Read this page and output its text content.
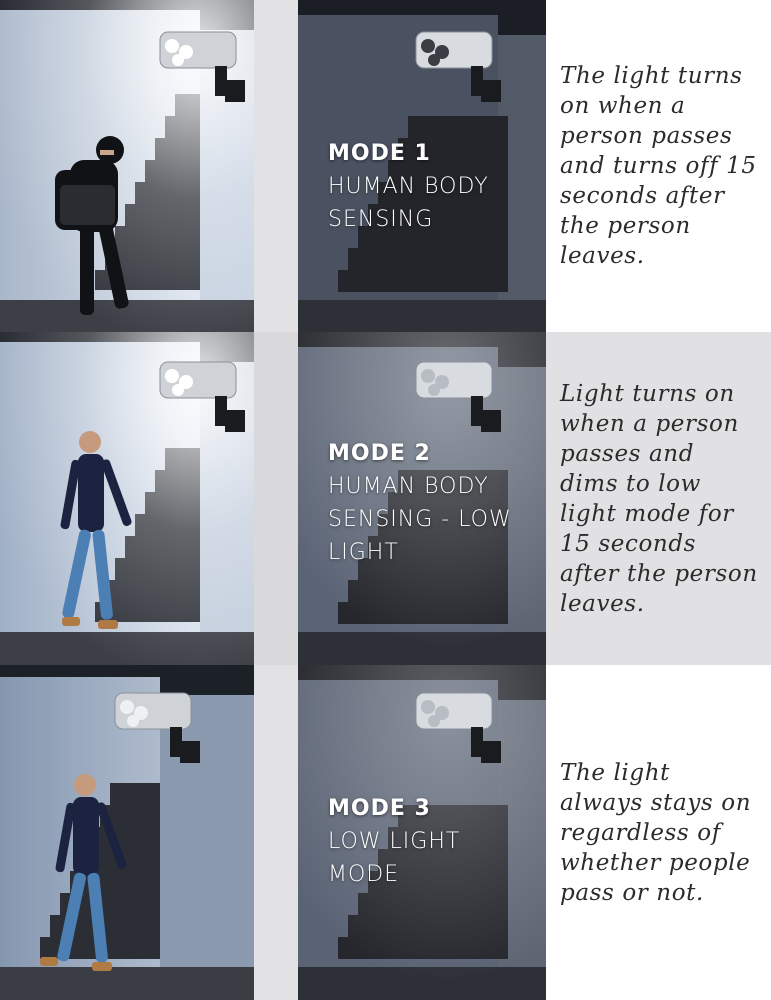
MODE 1
HUMAN BODY SENSING

The light turns on when a person passes and turns off 15 seconds after the person leaves.

MODE 2
HUMAN BODY SENSING - LOW LIGHT

Light turns on when a person passes and dims to low light mode for 15 seconds after the person leaves.

MODE 3
LOW LIGHT MODE

The light always stays on regardless of whether people pass or not.
